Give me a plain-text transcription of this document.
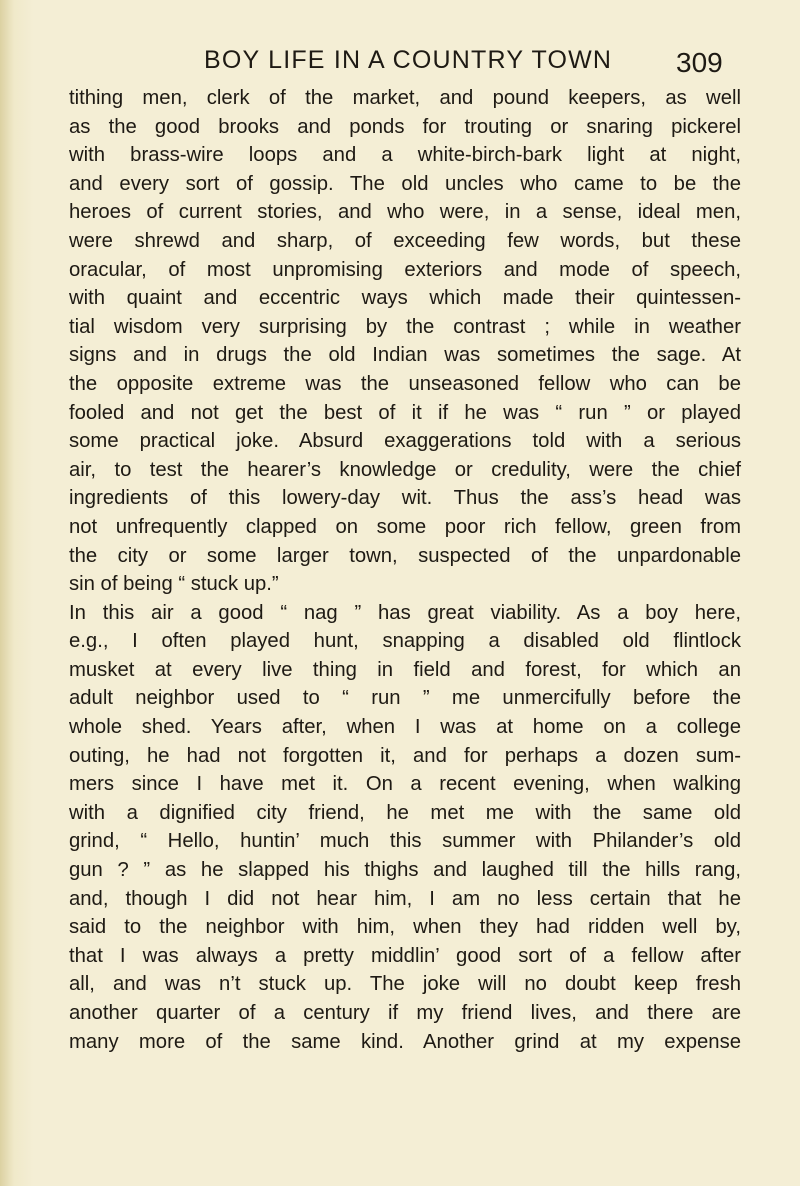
BOY LIFE IN A COUNTRY TOWN 309
tithing men, clerk of the market, and pound keepers, as well
as the good brooks and ponds for trouting or snaring pickerel
with brass-wire loops and a white-birch-bark light at night,
and every sort of gossip. The old uncles who came to be the
heroes of current stories, and who were, in a sense, ideal men,
were shrewd and sharp, of exceeding few words, but these
oracular, of most unpromising exteriors and mode of speech,
with quaint and eccentric ways which made their quintessen-
tial wisdom very surprising by the contrast ; while in weather
signs and in drugs the old Indian was sometimes the sage. At
the opposite extreme was the unseasoned fellow who can be
fooled and not get the best of it if he was “ run ” or played
some practical joke. Absurd exaggerations told with a serious
air, to test the hearer’s knowledge or credulity, were the chief
ingredients of this lowery-day wit. Thus the ass’s head was
not unfrequently clapped on some poor rich fellow, green from
the city or some larger town, suspected of the unpardonable
sin of being “ stuck up.”
In this air a good “ nag ” has great viability. As a boy here,
e.g., I often played hunt, snapping a disabled old flintlock
musket at every live thing in field and forest, for which an
adult neighbor used to “ run ” me unmercifully before the
whole shed. Years after, when I was at home on a college
outing, he had not forgotten it, and for perhaps a dozen sum-
mers since I have met it. On a recent evening, when walking
with a dignified city friend, he met me with the same old
grind, “ Hello, huntin’ much this summer with Philander’s old
gun ? ” as he slapped his thighs and laughed till the hills rang,
and, though I did not hear him, I am no less certain that he
said to the neighbor with him, when they had ridden well by,
that I was always a pretty middlin’ good sort of a fellow after
all, and was n’t stuck up. The joke will no doubt keep fresh
another quarter of a century if my friend lives, and there are
many more of the same kind. Another grind at my expense
